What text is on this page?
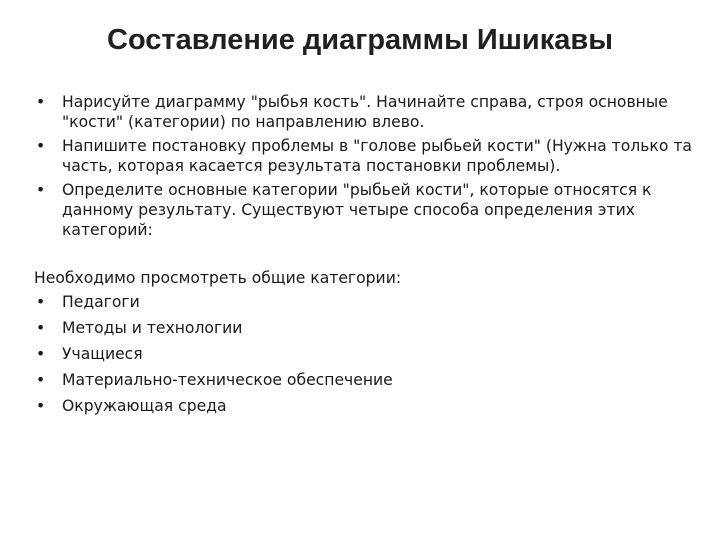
Составление диаграммы Ишикавы
• Нарисуйте диаграмму "рыбья кость". Начинайте справа, строя основные "кости" (категории) по направлению влево.
• Напишите постановку проблемы в "голове рыбьей кости" (Нужна только та часть, которая касается результата постановки проблемы).
• Определите основные категории "рыбьей кости", которые относятся к данному результату. Существуют четыре способа определения этих категорий:
Необходимо просмотреть общие категории:
• Педагоги
• Методы и технологии
• Учащиеся
• Материально-техническое обеспечение
• Окружающая среда
